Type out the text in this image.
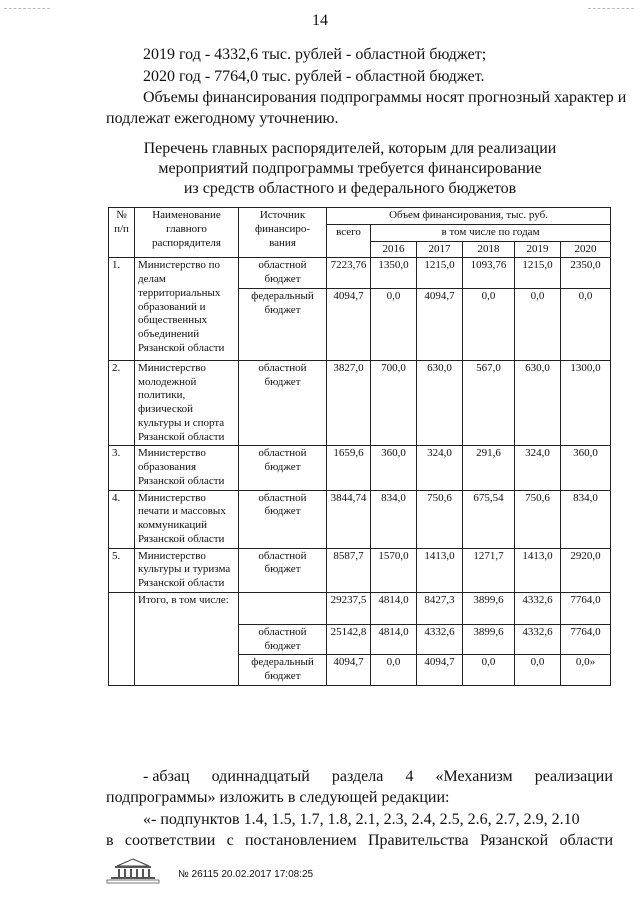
14
2019 год - 4332,6 тыс. рублей - областной бюджет;
2020 год - 7764,0 тыс. рублей - областной бюджет.
Объемы финансирования подпрограммы носят прогнозный характер и
подлежат ежегодному уточнению.
Перечень главных распорядителей, которым для реализации
мероприятий подпрограммы требуется финансирование
из средств областного и федерального бюджетов
№ п/п	Наименование главного распорядителя	Источник финансиро-вания	Объем финансирования, тыс. руб.					
			всего	в том числе по годам				
				2016	2017	2018	2019	2020
1.	Министерство по делам территориальных образований и общественных объединений Рязанской области	областной бюджет	7223,76	1350,0	1215,0	1093,76	1215,0	2350,0
		федеральный бюджет	4094,7	0,0	4094,7	0,0	0,0	0,0
2.	Министерство молодежной политики, физической культуры и спорта Рязанской области	областной бюджет	3827,0	700,0	630,0	567,0	630,0	1300,0
3.	Министерство образования Рязанской области	областной бюджет	1659,6	360,0	324,0	291,6	324,0	360,0
4.	Министерство печати и массовых коммуникаций Рязанской области	областной бюджет	3844,74	834,0	750,6	675,54	750,6	834,0
5.	Министерство культуры и туризма Рязанской области	областной бюджет	8587,7	1570,0	1413,0	1271,7	1413,0	2920,0
	Итого, в том числе:		29237,5	4814,0	8427,3	3899,6	4332,6	7764,0
		областной бюджет	25142,8	4814,0	4332,6	3899,6	4332,6	7764,0
		федеральный бюджет	4094,7	0,0	4094,7	0,0	0,0	0,0»
- абзац одиннадцатый раздела 4 «Механизм реализации
подпрограммы» изложить в следующей редакции:
«- подпунктов 1.4, 1.5, 1.7, 1.8, 2.1, 2.3, 2.4, 2.5, 2.6, 2.7, 2.9, 2.10
в соответствии с постановлением Правительства Рязанской области
№ 26115 20.02.2017 17:08:25
